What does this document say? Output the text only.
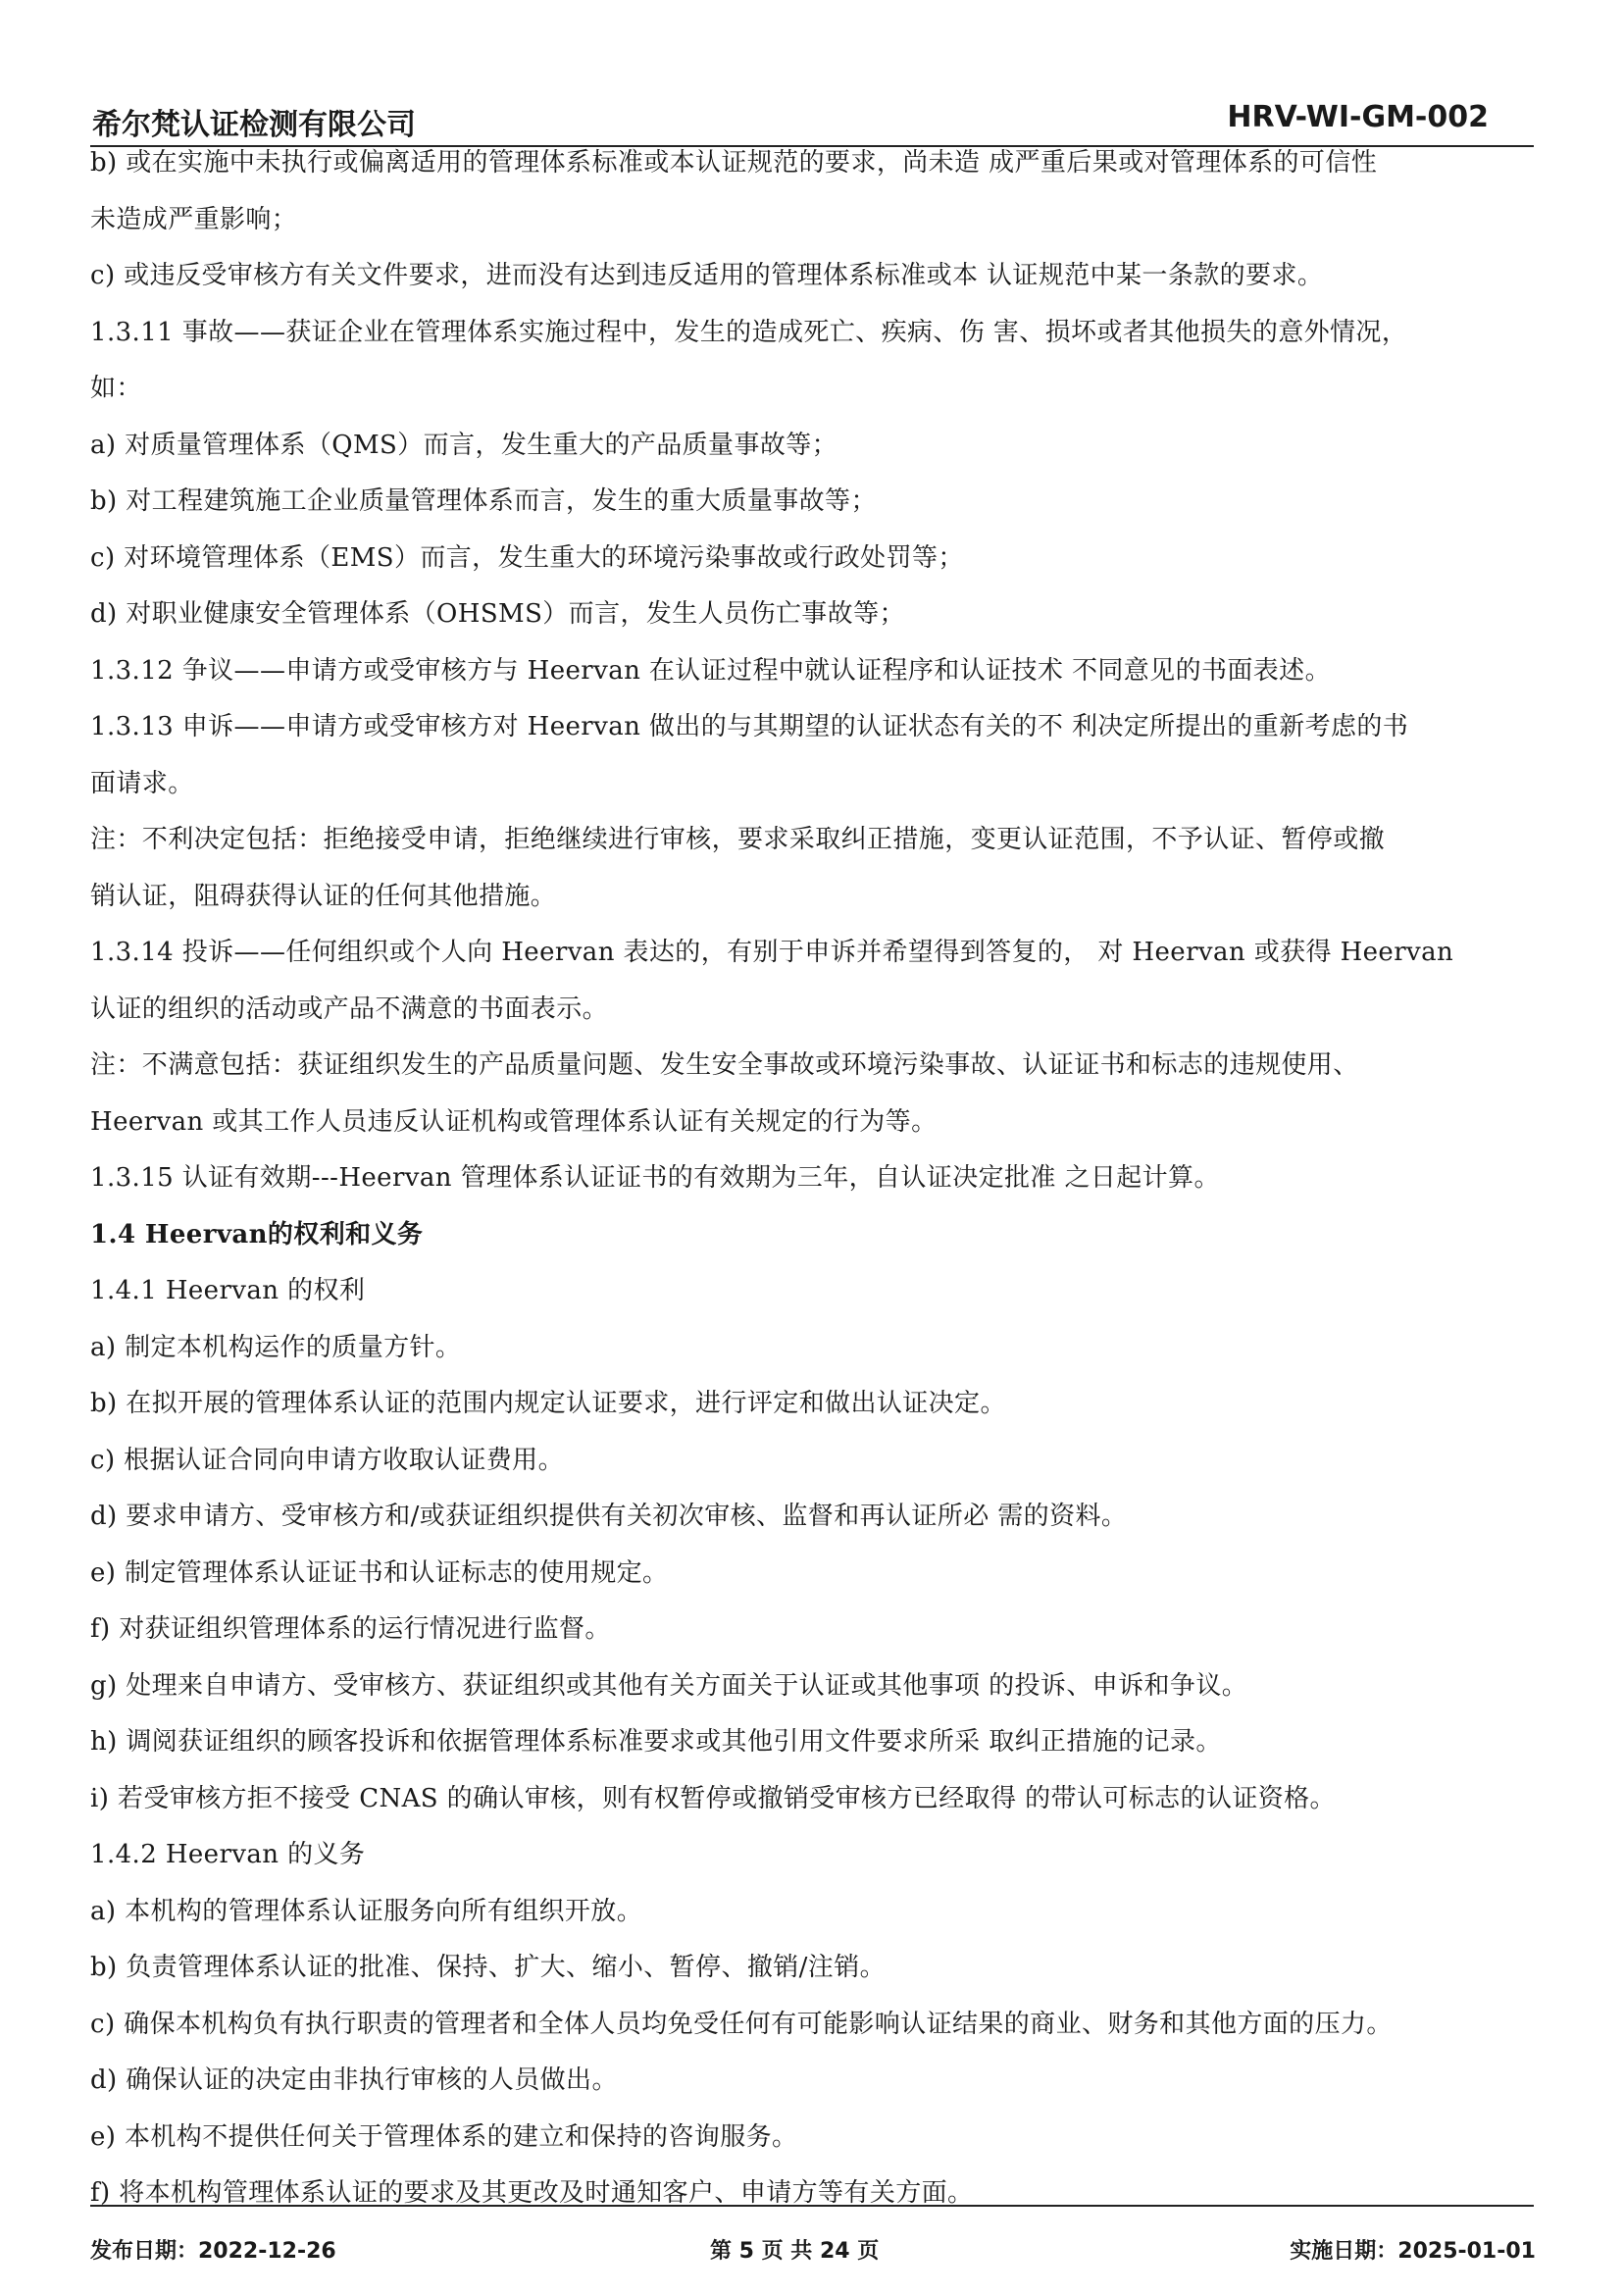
希尔梵认证检测有限公司	HRV-WI-GM-002
b) 或在实施中未执行或偏离适用的管理体系标准或本认证规范的要求，尚未造 成严重后果或对管理体系的可信性
未造成严重影响；
c) 或违反受审核方有关文件要求，进而没有达到违反适用的管理体系标准或本 认证规范中某一条款的要求。
1.3.11 事故——获证企业在管理体系实施过程中，发生的造成死亡、疾病、伤 害、损坏或者其他损失的意外情况，
如：
a) 对质量管理体系（QMS）而言，发生重大的产品质量事故等；
b) 对工程建筑施工企业质量管理体系而言，发生的重大质量事故等；
c) 对环境管理体系（EMS）而言，发生重大的环境污染事故或行政处罚等；
d) 对职业健康安全管理体系（OHSMS）而言，发生人员伤亡事故等；
1.3.12 争议——申请方或受审核方与 Heervan 在认证过程中就认证程序和认证技术 不同意见的书面表述。
1.3.13 申诉——申请方或受审核方对 Heervan 做出的与其期望的认证状态有关的不 利决定所提出的重新考虑的书
面请求。
注：不利决定包括：拒绝接受申请，拒绝继续进行审核，要求采取纠正措施，变更认证范围，不予认证、暂停或撤
销认证，阻碍获得认证的任何其他措施。
1.3.14 投诉——任何组织或个人向 Heervan 表达的，有别于申诉并希望得到答复的， 对 Heervan 或获得 Heervan
认证的组织的活动或产品不满意的书面表示。
注：不满意包括：获证组织发生的产品质量问题、发生安全事故或环境污染事故、认证证书和标志的违规使用、
Heervan 或其工作人员违反认证机构或管理体系认证有关规定的行为等。
1.3.15 认证有效期---Heervan 管理体系认证证书的有效期为三年，自认证决定批准 之日起计算。
1.4 Heervan的权利和义务
1.4.1 Heervan 的权利
a) 制定本机构运作的质量方针。
b) 在拟开展的管理体系认证的范围内规定认证要求，进行评定和做出认证决定。
c) 根据认证合同向申请方收取认证费用。
d) 要求申请方、受审核方和/或获证组织提供有关初次审核、监督和再认证所必 需的资料。
e) 制定管理体系认证证书和认证标志的使用规定。
f) 对获证组织管理体系的运行情况进行监督。
g) 处理来自申请方、受审核方、获证组织或其他有关方面关于认证或其他事项 的投诉、申诉和争议。
h) 调阅获证组织的顾客投诉和依据管理体系标准要求或其他引用文件要求所采 取纠正措施的记录。
i) 若受审核方拒不接受 CNAS 的确认审核，则有权暂停或撤销受审核方已经取得 的带认可标志的认证资格。
1.4.2 Heervan 的义务
a) 本机构的管理体系认证服务向所有组织开放。
b) 负责管理体系认证的批准、保持、扩大、缩小、暂停、撤销/注销。
c) 确保本机构负有执行职责的管理者和全体人员均免受任何有可能影响认证结果的商业、财务和其他方面的压力。
d) 确保认证的决定由非执行审核的人员做出。
e) 本机构不提供任何关于管理体系的建立和保持的咨询服务。
f) 将本机构管理体系认证的要求及其更改及时通知客户、申请方等有关方面。
发布日期：2022-12-26	第 5 页 共 24 页	实施日期：2025-01-01
